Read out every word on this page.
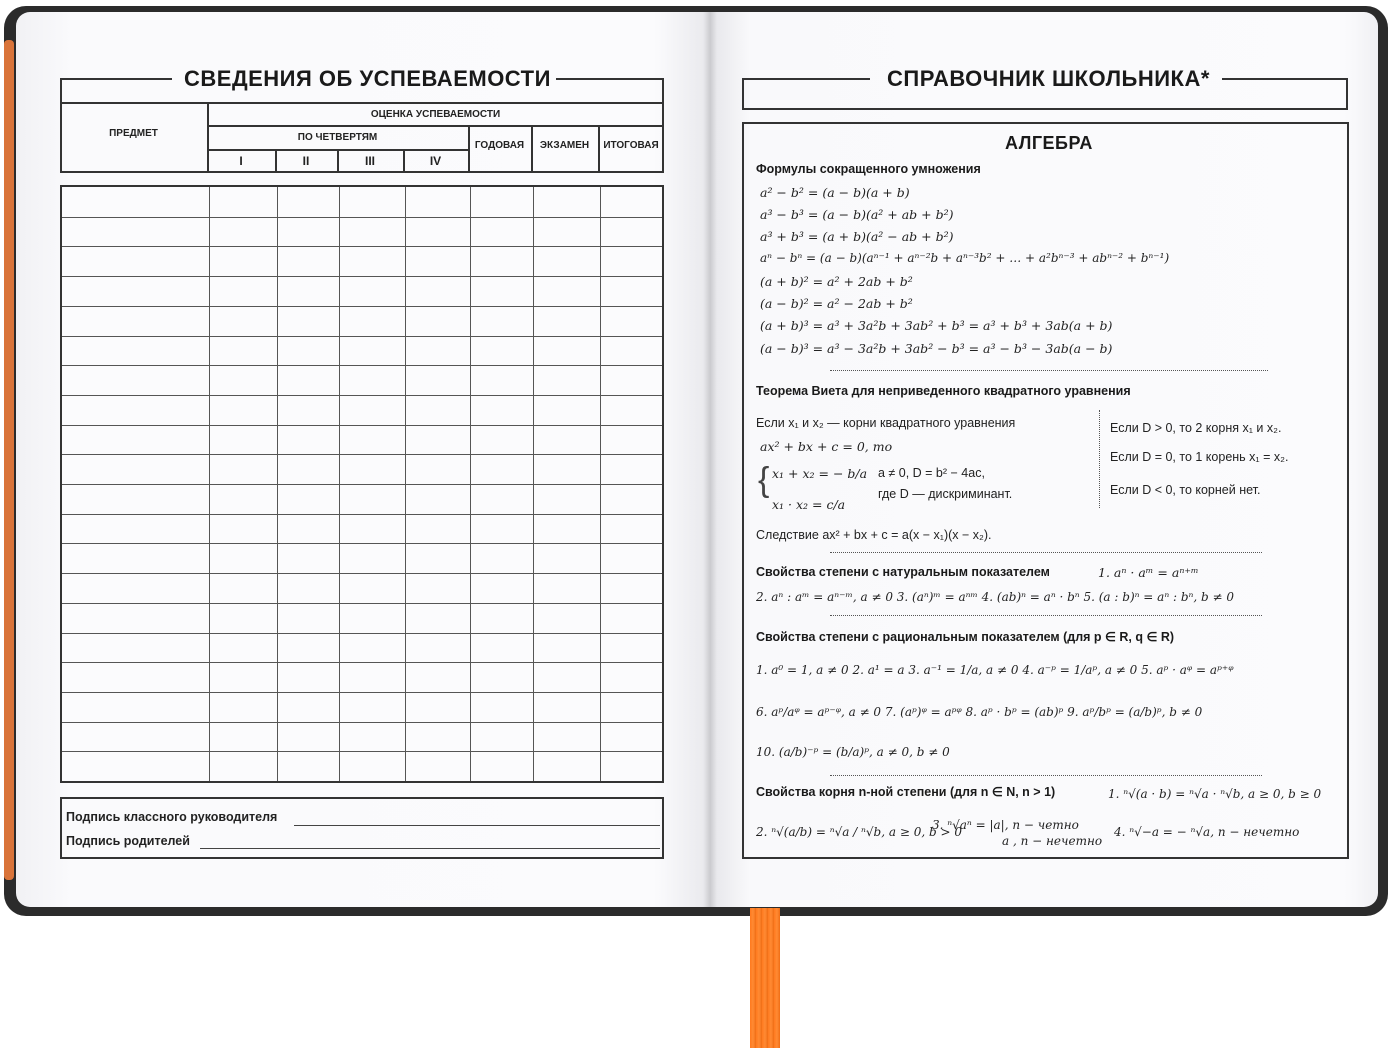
СВЕДЕНИЯ ОБ УСПЕВАЕМОСТИ
ПРЕДМЕТ
ОЦЕНКА УСПЕВАЕМОСТИ
ПО ЧЕТВЕРТЯМ
I	II	III	IV
ГОДОВАЯ	ЭКЗАМЕН	ИТОГОВАЯ
Подпись классного руководителя
Подпись родителей
СПРАВОЧНИК ШКОЛЬНИКА*
АЛГЕБРА
Формулы сокращенного умножения
a² − b² = (a − b)(a + b)
a³ − b³ = (a − b)(a² + ab + b²)
a³ + b³ = (a + b)(a² − ab + b²)
aⁿ − bⁿ = (a − b)(aⁿ⁻¹ + aⁿ⁻²b + aⁿ⁻³b² + … + a²bⁿ⁻³ + abⁿ⁻² + bⁿ⁻¹)
(a + b)² = a² + 2ab + b²
(a − b)² = a² − 2ab + b²
(a + b)³ = a³ + 3a²b + 3ab² + b³ = a³ + b³ + 3ab(a + b)
(a − b)³ = a³ − 3a²b + 3ab² − b³ = a³ − b³ − 3ab(a − b)
Теорема Виета для неприведенного квадратного уравнения
Если x₁ и x₂ — корни квадратного уравнения
ax² + bx + c = 0, то
{ x₁ + x₂ = − b/a
x₁ · x₂ = c/a
a ≠ 0, D = b² − 4ac,
где D — дискриминант.
Если D > 0, то 2 корня x₁ и x₂.
Если D = 0, то 1 корень x₁ = x₂.
Если D < 0, то корней нет.
Следствие ax² + bx + c = a(x − x₁)(x − x₂).
Свойства степени с натуральным показателем	1. aⁿ · aᵐ = aⁿ⁺ᵐ
2. aⁿ : aᵐ = aⁿ⁻ᵐ, a ≠ 0 3. (aⁿ)ᵐ = aⁿᵐ 4. (ab)ⁿ = aⁿ · bⁿ 5. (a : b)ⁿ = aⁿ : bⁿ, b ≠ 0
Свойства степени с рациональным показателем (для p ∈ R, q ∈ R)
1. a⁰ = 1, a ≠ 0 2. a¹ = a 3. a⁻¹ = 1/a, a ≠ 0 4. a⁻ᵖ = 1/aᵖ, a ≠ 0 5. aᵖ · aᵠ = aᵖ⁺ᵠ
6. aᵖ/aᵠ = aᵖ⁻ᵠ, a ≠ 0 7. (aᵖ)ᵠ = aᵖᵠ 8. aᵖ · bᵖ = (ab)ᵖ 9. aᵖ/bᵖ = (a/b)ᵖ, b ≠ 0
10. (a/b)⁻ᵖ = (b/a)ᵖ, a ≠ 0, b ≠ 0
Свойства корня n-ной степени (для n ∈ N, n > 1)	1. ⁿ√(a · b) = ⁿ√a · ⁿ√b, a ≥ 0, b ≥ 0
2. ⁿ√(a/b) = ⁿ√a / ⁿ√b, a ≥ 0, b > 0
3. ⁿ√aⁿ = |a|, n − четно
a , n − нечетно
4. ⁿ√−a = − ⁿ√a, n − нечетно
